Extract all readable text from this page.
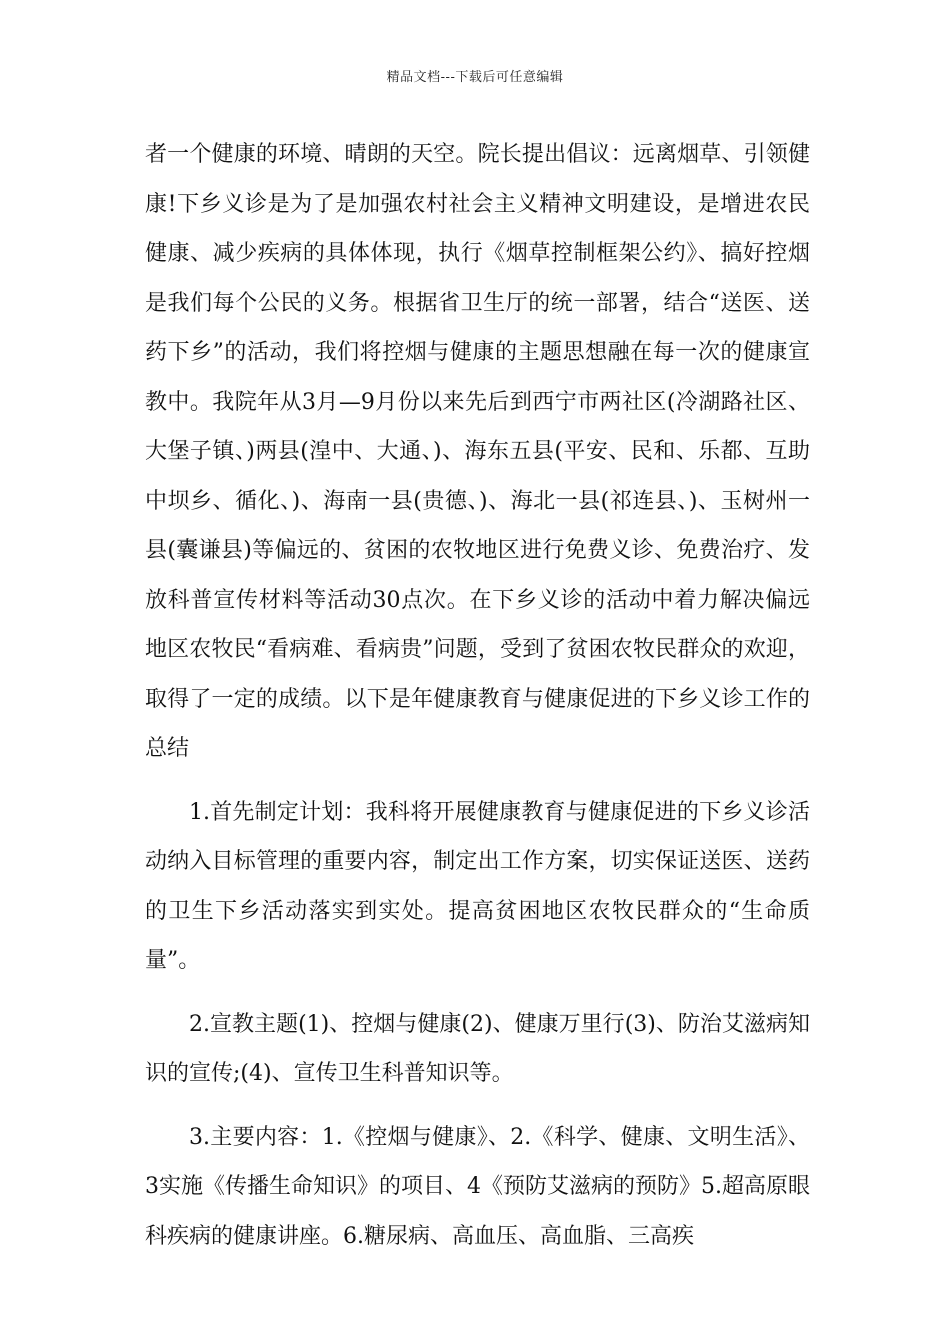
精品文档---下载后可任意编辑

者一个健康的环境、晴朗的天空。院长提出倡议：远离烟草、引领健康!下乡义诊是为了是加强农村社会主义精神文明建设，是增进农民健康、减少疾病的具体体现，执行《烟草控制框架公约》、搞好控烟是我们每个公民的义务。根据省卫生厅的统一部署，结合“送医、送药下乡”的活动，我们将控烟与健康的主题思想融在每一次的健康宣教中。我院年从3月—9月份以来先后到西宁市两社区(冷湖路社区、大堡子镇、)两县(湟中、大通、)、海东五县(平安、民和、乐都、互助中坝乡、循化、)、海南一县(贵德、)、海北一县(祁连县、)、玉树州一县(囊谦县)等偏远的、贫困的农牧地区进行免费义诊、免费治疗、发放科普宣传材料等活动30点次。在下乡义诊的活动中着力解决偏远地区农牧民“看病难、看病贵”问题，受到了贫困农牧民群众的欢迎，取得了一定的成绩。以下是年健康教育与健康促进的下乡义诊工作的总结

1.首先制定计划：我科将开展健康教育与健康促进的下乡义诊活动纳入目标管理的重要内容，制定出工作方案，切实保证送医、送药的卫生下乡活动落实到实处。提高贫困地区农牧民群众的“生命质量”。

2.宣教主题(1)、控烟与健康(2)、健康万里行(3)、防治艾滋病知识的宣传;(4)、宣传卫生科普知识等。

3.主要内容：1.《控烟与健康》、2.《科学、健康、文明生活》、3实施《传播生命知识》的项目、4《预防艾滋病的预防》5.超高原眼科疾病的健康讲座。6.糖尿病、高血压、高血脂、三高疾
